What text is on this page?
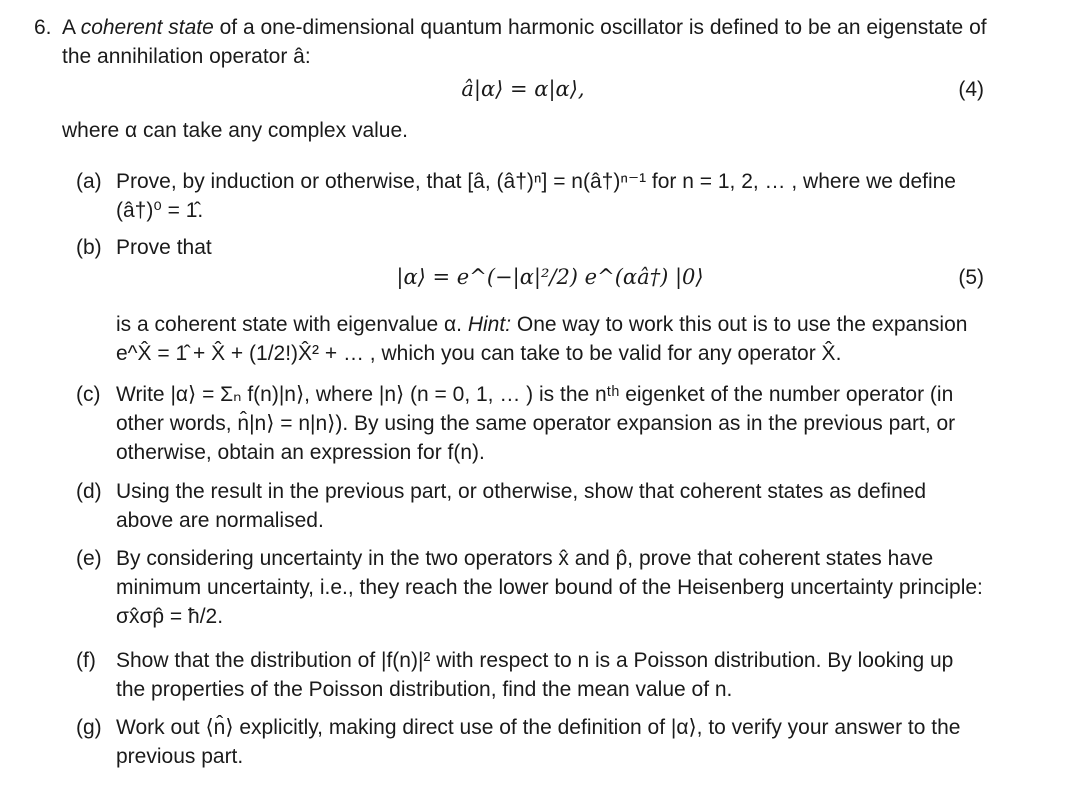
6. A coherent state of a one-dimensional quantum harmonic oscillator is defined to be an eigenstate of the annihilation operator â:
â|α⟩ = α|α⟩,	(4)
where α can take any complex value.
(a) Prove, by induction or otherwise, that [â, (â†)ⁿ] = n(â†)ⁿ⁻¹ for n = 1, 2, … , where we define (â†)⁰ = 1̂.
(b) Prove that
|α⟩ = e^(−|α|²/2) e^(αâ†) |0⟩	(5)
is a coherent state with eigenvalue α. Hint: One way to work this out is to use the expansion e^X̂ = 1̂ + X̂ + (1/2!)X̂² + … , which you can take to be valid for any operator X̂.
(c) Write |α⟩ = Σₙ f(n)|n⟩, where |n⟩ (n = 0, 1, … ) is the nᵗʰ eigenket of the number operator (in other words, n̂|n⟩ = n|n⟩). By using the same operator expansion as in the previous part, or otherwise, obtain an expression for f(n).
(d) Using the result in the previous part, or otherwise, show that coherent states as defined above are normalised.
(e) By considering uncertainty in the two operators x̂ and p̂, prove that coherent states have minimum uncertainty, i.e., they reach the lower bound of the Heisenberg uncertainty principle: σx̂σp̂ = ħ/2.
(f) Show that the distribution of |f(n)|² with respect to n is a Poisson distribution. By looking up the properties of the Poisson distribution, find the mean value of n.
(g) Work out ⟨n̂⟩ explicitly, making direct use of the definition of |α⟩, to verify your answer to the previous part.
